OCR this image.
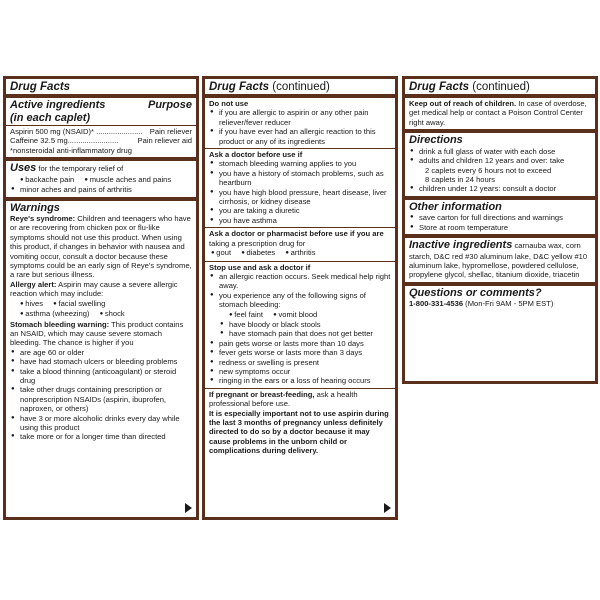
Drug Facts
Active ingredients	Purpose
(in each caplet)
Aspirin 500 mg (NSAID)* ...................... Pain reliever
Caffeine 32.5 mg........................	Pain reliever aid
*nonsteroidal anti-inflammatory drug
Uses for the temporary relief of
● backache pain ● muscle aches and pains
● minor aches and pains of arthritis
Warnings
Reye's syndrome: Children and teenagers who have or are recovering from chicken pox or flu-like symptoms should not use this product. When using this product, if changes in behavior with nausea and vomiting occur, consult a doctor because these symptoms could be an early sign of Reye's syndrome, a rare but serious illness.
Allergy alert: Aspirin may cause a severe allergic reaction which may include:
● hives ● facial swelling
● asthma (wheezing) ● shock
Stomach bleeding warning: This product contains an NSAID, which may cause severe stomach bleeding. The chance is higher if you
● are age 60 or older
● have had stomach ulcers or bleeding problems
● take a blood thinning (anticoagulant) or steroid drug
● take other drugs containing prescription or nonprescription NSAIDs (aspirin, ibuprofen, naproxen, or others)
● have 3 or more alcoholic drinks every day while using this product
● take more or for a longer time than directed
Drug Facts (continued)
Do not use
● if you are allergic to aspirin or any other pain reliever/fever reducer
● if you have ever had an allergic reaction to this product or any of its ingredients
Ask a doctor before use if
● stomach bleeding warning applies to you
● you have a history of stomach problems, such as heartburn
● you have high blood pressure, heart disease, liver cirrhosis, or kidney disease
● you are taking a diuretic
● you have asthma
Ask a doctor or pharmacist before use if you are
taking a prescription drug for
● gout ● diabetes ● arthritis
Stop use and ask a doctor if
● an allergic reaction occurs. Seek medical help right away.
● you experience any of the following signs of stomach bleeding:
● feel faint ● vomit blood
● have bloody or black stools
● have stomach pain that does not get better
● pain gets worse or lasts more than 10 days
● fever gets worse or lasts more than 3 days
● redness or swelling is present
● new symptoms occur
● ringing in the ears or a loss of hearing occurs
If pregnant or breast-feeding, ask a health professional before use.
It is especially important not to use aspirin during the last 3 months of pregnancy unless definitely directed to do so by a doctor because it may cause problems in the unborn child or complications during delivery.
Drug Facts (continued)
Keep out of reach of children. In case of overdose, get medical help or contact a Poison Control Center right away.
Directions
● drink a full glass of water with each dose
● adults and children 12 years and over: take
2 caplets every 6 hours not to exceed
8 caplets in 24 hours
● children under 12 years: consult a doctor
Other information
● save carton for full directions and warnings
● Store at room temperature
Inactive ingredients carnauba wax, corn starch, D&C red #30 aluminum lake, D&C yellow #10 aluminum lake, hypromellose, powdered cellulose, propylene glycol, shellac, titanium dioxide, triacetin
Questions or comments?
1-800-331-4536 (Mon-Fri 9AM - 5PM EST)
